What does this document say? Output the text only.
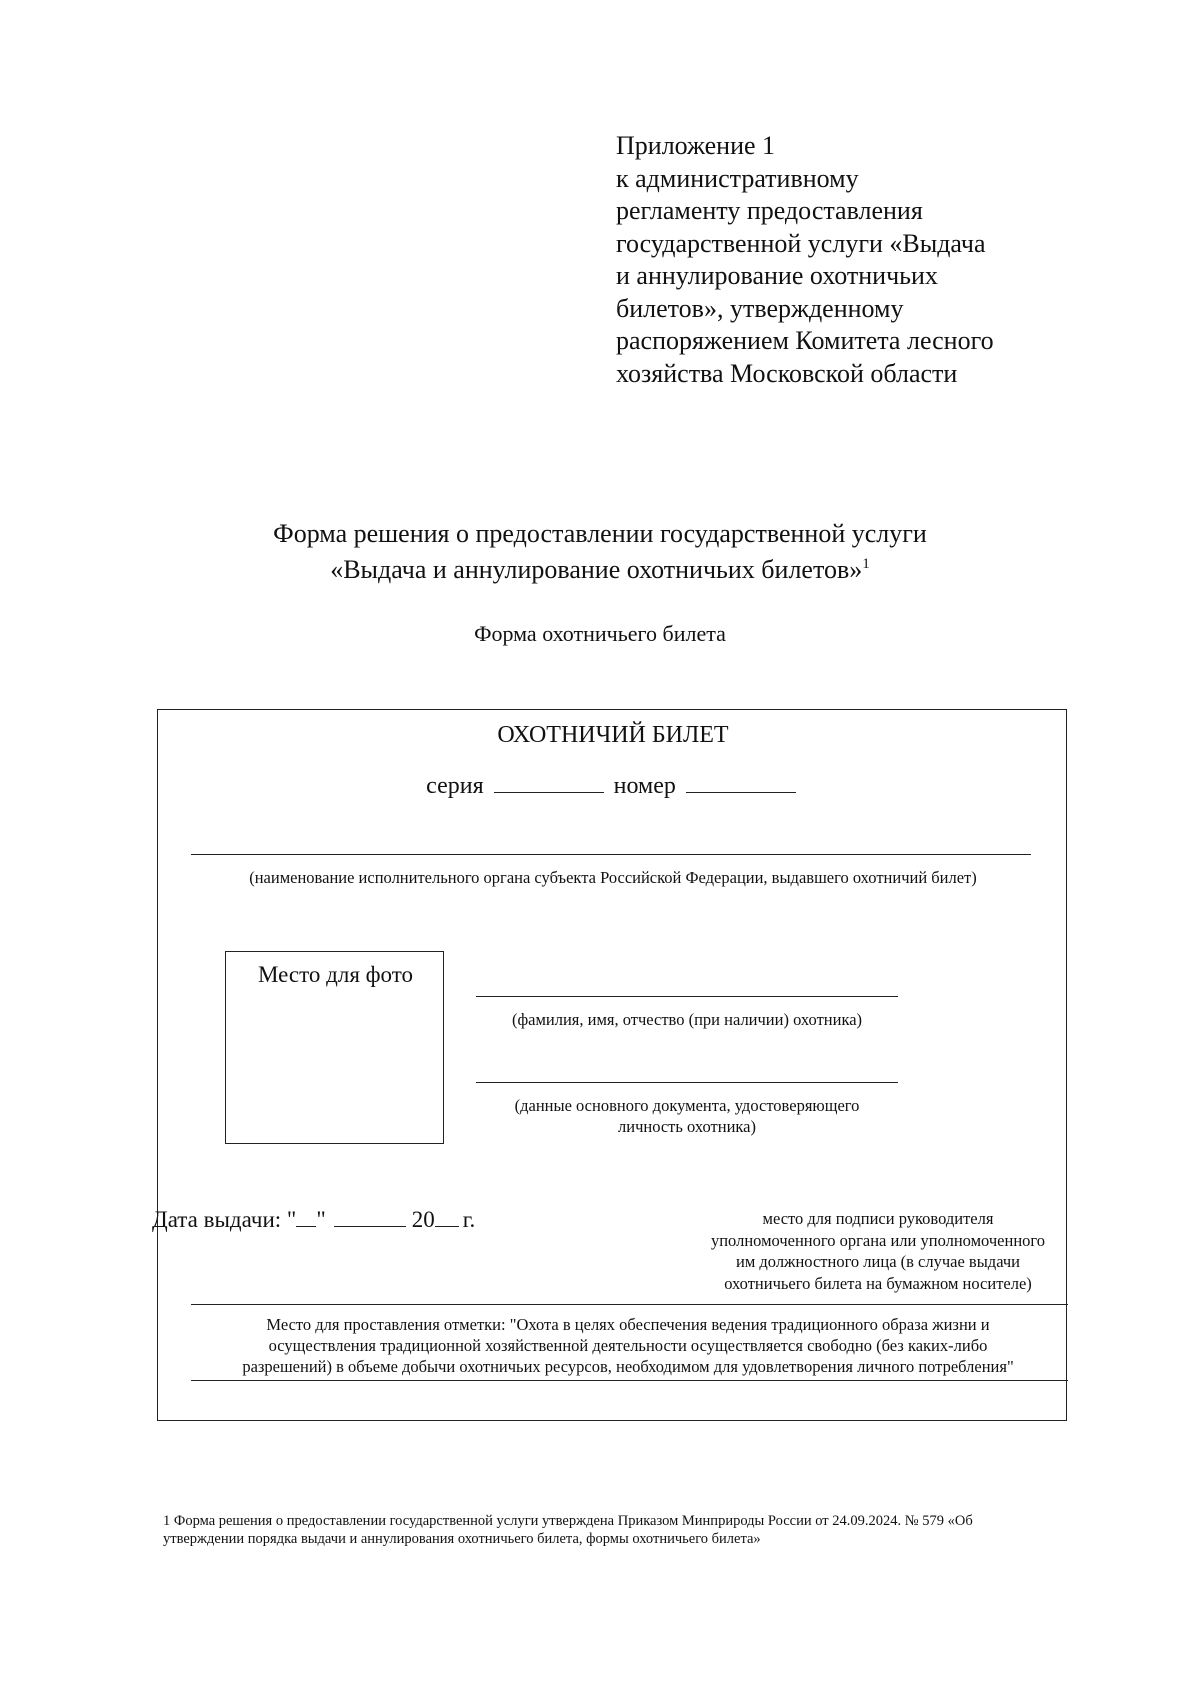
Приложение 1
к административному
регламенту предоставления
государственной услуги «Выдача
и аннулирование охотничьих
билетов», утвержденному
распоряжением Комитета лесного
хозяйства Московской области
Форма решения о предоставлении государственной услуги
«Выдача и аннулирование охотничьих билетов»$^1$
Форма охотничьего билета
ОХОТНИЧИЙ БИЛЕТ
серия	номер
(наименование исполнительного органа субъекта Российской Федерации, выдавшего охотничий билет)
Место для фото
(фамилия, имя, отчество (при наличии) охотника)
(данные основного документа, удостоверяющего
личность охотника)
Дата выдачи: " "	20 г.	место для подписи руководителя
уполномоченного органа или уполномоченного
им должностного лица (в случае выдачи
охотничьего билета на бумажном носителе)
Место для проставления отметки: "Охота в целях обеспечения ведения традиционного образа жизни и
осуществления традиционной хозяйственной деятельности осуществляется свободно (без каких-либо
разрешений) в объеме добычи охотничьих ресурсов, необходимом для удовлетворения личного потребления"
1 Форма решения о предоставлении государственной услуги утверждена Приказом Минприроды России от 24.09.2024. № 579 «Об
утверждении порядка выдачи и аннулирования охотничьего билета, формы охотничьего билета»
